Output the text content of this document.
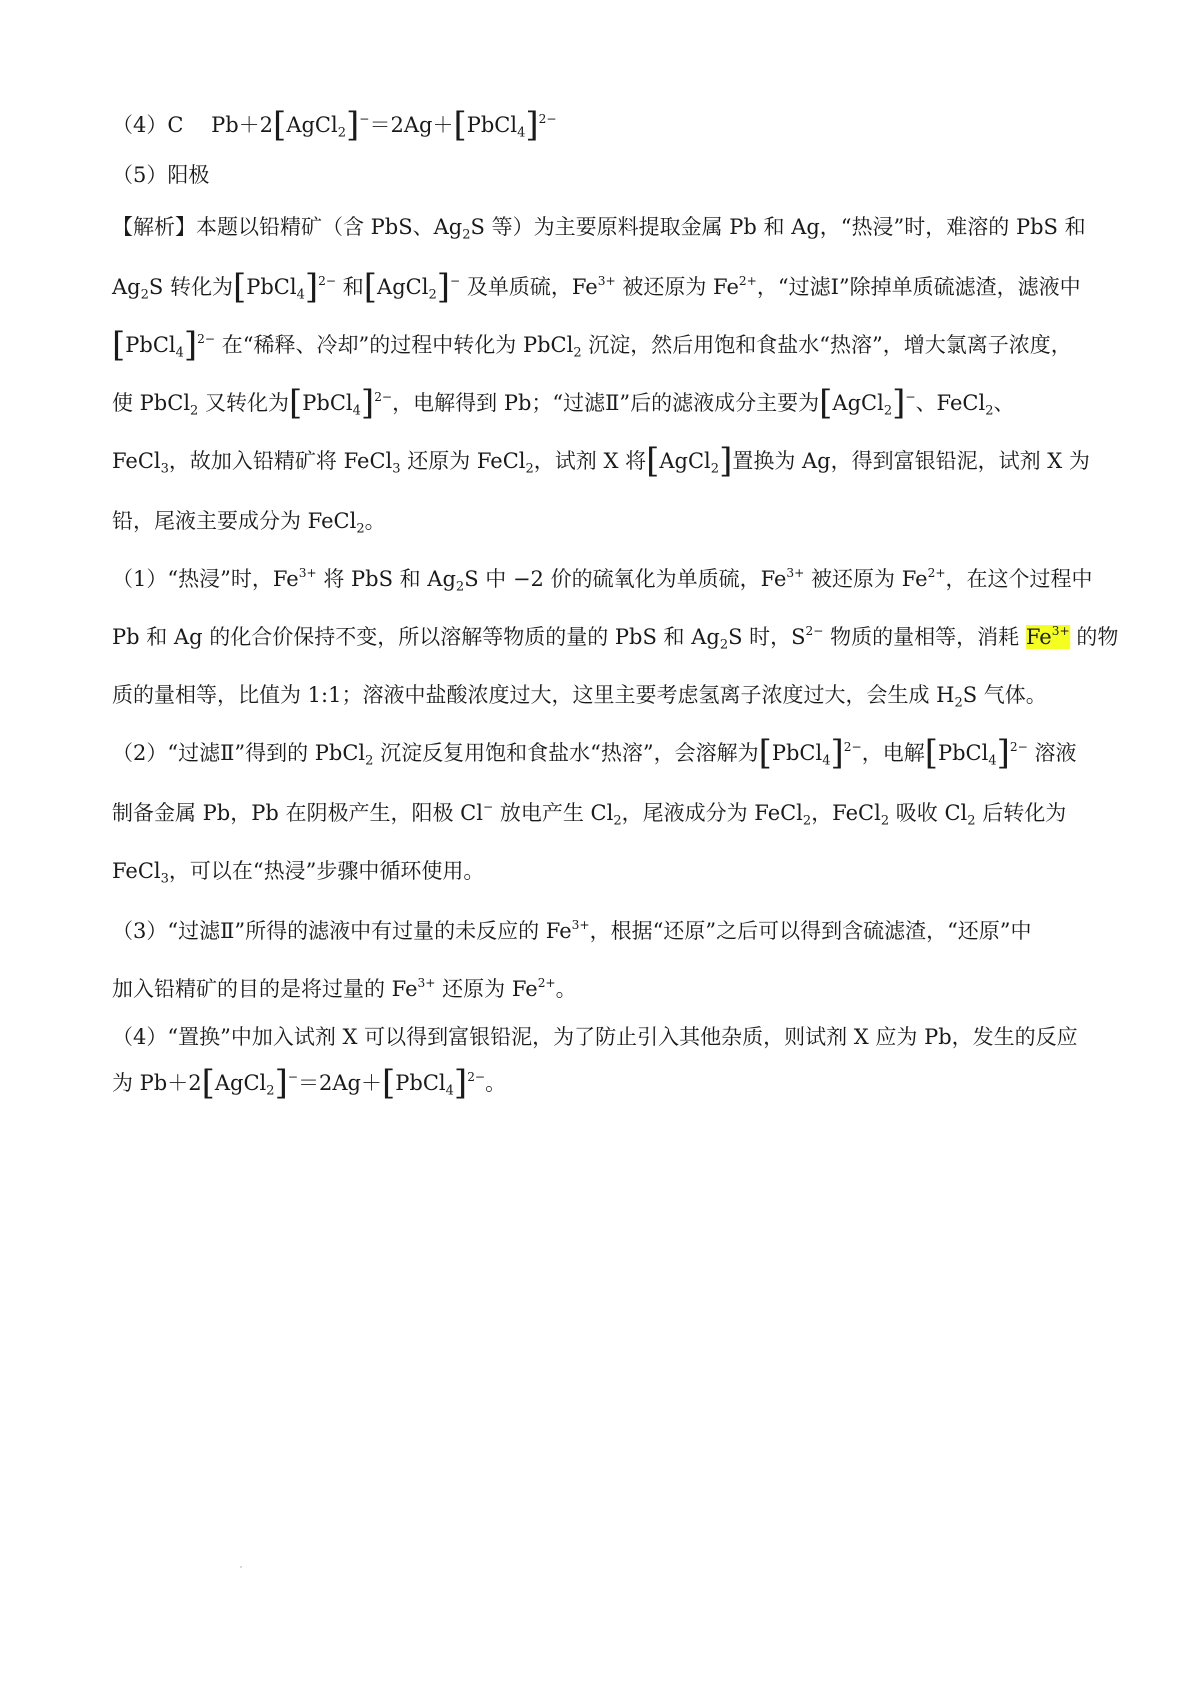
（4）C　 Pb＋2[AgCl$_2$]−＝2Ag＋[PbCl$_4$]$^{2-}$
（5）阳极
【解析】本题以铅精矿（含 PbS、$Ag_2S$ 等）为主要原料提取金属 Pb 和 Ag，“热浸”时，难溶的 PbS 和
$Ag_2S$ 转化为[PbCl$_4$]$^{2-}$ 和[AgCl$_2$]− 及单质硫，$Fe^{3+}$ 被还原为 $Fe^{2+}$，“过滤Ⅰ”除掉单质硫滤渣，滤液中
[PbCl$_4$]$^{2-}$ 在“稀释、冷却”的过程中转化为 PbCl$_2$ 沉淀，然后用饱和食盐水“热溶”，增大氯离子浓度，
使 PbCl$_2$ 又转化为[PbCl$_4$]$^{2-}$，电解得到 Pb；“过滤Ⅱ”后的滤液成分主要为[AgCl$_2$]−、FeCl$_2$、
FeCl$_3$，故加入铅精矿将 FeCl$_3$ 还原为 FeCl$_2$，试剂 X 将[AgCl$_2$]置换为 Ag，得到富银铅泥，试剂 X 为
铅，尾液主要成分为 FeCl$_2$。
（1）“热浸”时，$Fe^{3+}$ 将 PbS 和 $Ag_2S$ 中 −2 价的硫氧化为单质硫，$Fe^{3+}$ 被还原为 $Fe^{2+}$，在这个过程中
Pb 和 Ag 的化合价保持不变，所以溶解等物质的量的 PbS 和 $Ag_2S$ 时，$S^{2-}$ 物质的量相等，消耗 $Fe^{3+}$ 的物
质的量相等，比值为 1:1；溶液中盐酸浓度过大，这里主要考虑氢离子浓度过大，会生成 $H_2S$ 气体。
（2）“过滤Ⅱ”得到的 PbCl$_2$ 沉淀反复用饱和食盐水“热溶”，会溶解为[PbCl$_4$]$^{2-}$，电解[PbCl$_4$]$^{2-}$ 溶液
制备金属 Pb，Pb 在阴极产生，阳极 Cl− 放电产生 $Cl_2$，尾液成分为 FeCl$_2$，FeCl$_2$ 吸收 $Cl_2$ 后转化为
FeCl$_3$，可以在“热浸”步骤中循环使用。
（3）“过滤Ⅱ”所得的滤液中有过量的未反应的 $Fe^{3+}$，根据“还原”之后可以得到含硫滤渣，“还原”中
加入铅精矿的目的是将过量的 $Fe^{3+}$ 还原为 $Fe^{2+}$。
（4）“置换”中加入试剂 X 可以得到富银铅泥，为了防止引入其他杂质，则试剂 X 应为 Pb，发生的反应
为 Pb＋2[AgCl$_2$]−＝2Ag＋[PbCl$_4$]$^{2-}$。
